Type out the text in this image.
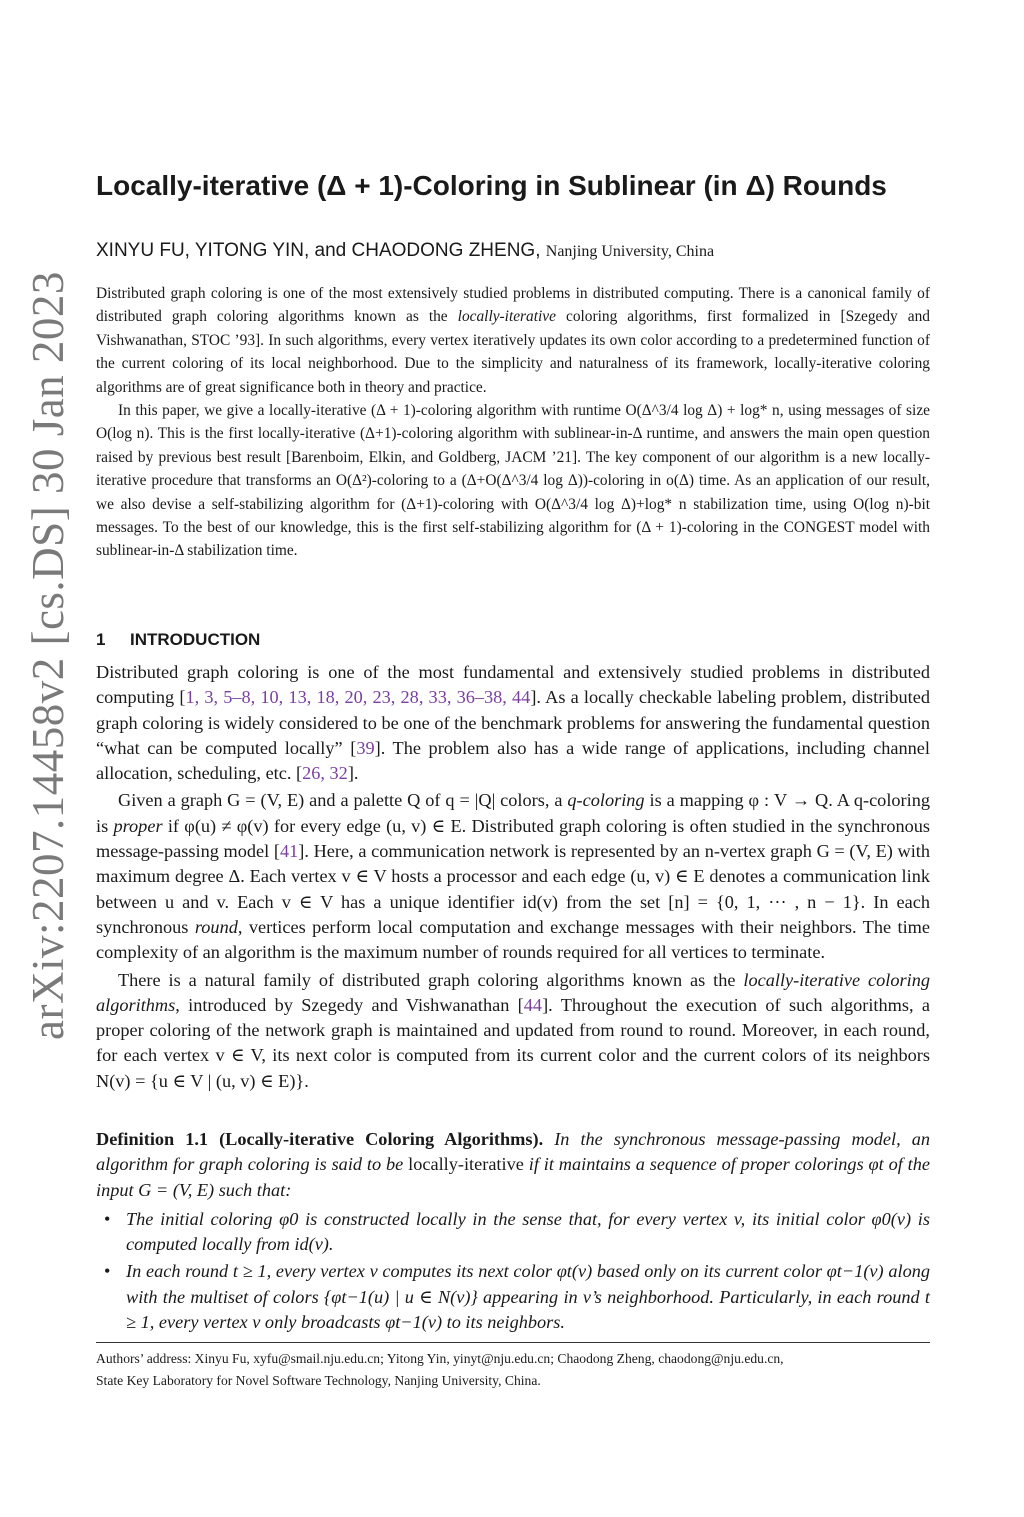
arXiv:2207.14458v2 [cs.DS] 30 Jan 2023
Locally-iterative (Δ + 1)-Coloring in Sublinear (in Δ) Rounds

XINYU FU, YITONG YIN, and CHAODONG ZHENG, Nanjing University, China

Distributed graph coloring is one of the most extensively studied problems in distributed computing. There is a canonical family of distributed graph coloring algorithms known as the locally-iterative coloring algorithms, first formalized in [Szegedy and Vishwanathan, STOC ’93]. In such algorithms, every vertex iteratively updates its own color according to a predetermined function of the current coloring of its local neighborhood. Due to the simplicity and naturalness of its framework, locally-iterative coloring algorithms are of great significance both in theory and practice.

In this paper, we give a locally-iterative (Δ + 1)-coloring algorithm with runtime O(Δ^3/4 log Δ) + log* n, using messages of size O(log n). This is the first locally-iterative (Δ+1)-coloring algorithm with sublinear-in-Δ runtime, and answers the main open question raised by previous best result [Barenboim, Elkin, and Goldberg, JACM ’21]. The key component of our algorithm is a new locally-iterative procedure that transforms an O(Δ²)-coloring to a (Δ+O(Δ^3/4 log Δ))-coloring in o(Δ) time. As an application of our result, we also devise a self-stabilizing algorithm for (Δ+1)-coloring with O(Δ^3/4 log Δ)+log* n stabilization time, using O(log n)-bit messages. To the best of our knowledge, this is the first self-stabilizing algorithm for (Δ + 1)-coloring in the CONGEST model with sublinear-in-Δ stabilization time.

1 INTRODUCTION

Distributed graph coloring is one of the most fundamental and extensively studied problems in distributed computing [1, 3, 5–8, 10, 13, 18, 20, 23, 28, 33, 36–38, 44]. As a locally checkable labeling problem, distributed graph coloring is widely considered to be one of the benchmark problems for answering the fundamental question “what can be computed locally” [39]. The problem also has a wide range of applications, including channel allocation, scheduling, etc. [26, 32].

Given a graph G = (V, E) and a palette Q of q = |Q| colors, a q-coloring is a mapping φ : V → Q. A q-coloring is proper if φ(u) ≠ φ(v) for every edge (u, v) ∈ E. Distributed graph coloring is often studied in the synchronous message-passing model [41]. Here, a communication network is represented by an n-vertex graph G = (V, E) with maximum degree Δ. Each vertex v ∈ V hosts a processor and each edge (u, v) ∈ E denotes a communication link between u and v. Each v ∈ V has a unique identifier id(v) from the set [n] = {0, 1, ··· , n − 1}. In each synchronous round, vertices perform local computation and exchange messages with their neighbors. The time complexity of an algorithm is the maximum number of rounds required for all vertices to terminate.

There is a natural family of distributed graph coloring algorithms known as the locally-iterative coloring algorithms, introduced by Szegedy and Vishwanathan [44]. Throughout the execution of such algorithms, a proper coloring of the network graph is maintained and updated from round to round. Moreover, in each round, for each vertex v ∈ V, its next color is computed from its current color and the current colors of its neighbors N(v) = {u ∈ V | (u, v) ∈ E)}.

Definition 1.1 (Locally-iterative Coloring Algorithms). In the synchronous message-passing model, an algorithm for graph coloring is said to be locally-iterative if it maintains a sequence of proper colorings φt of the input G = (V, E) such that:

• The initial coloring φ0 is constructed locally in the sense that, for every vertex v, its initial color φ0(v) is computed locally from id(v).
• In each round t ≥ 1, every vertex v computes its next color φt(v) based only on its current color φt−1(v) along with the multiset of colors {φt−1(u) | u ∈ N(v)} appearing in v’s neighborhood. Particularly, in each round t ≥ 1, every vertex v only broadcasts φt−1(v) to its neighbors.

Authors’ address: Xinyu Fu, xyfu@smail.nju.edu.cn; Yitong Yin, yinyt@nju.edu.cn; Chaodong Zheng, chaodong@nju.edu.cn,

State Key Laboratory for Novel Software Technology, Nanjing University, China.
